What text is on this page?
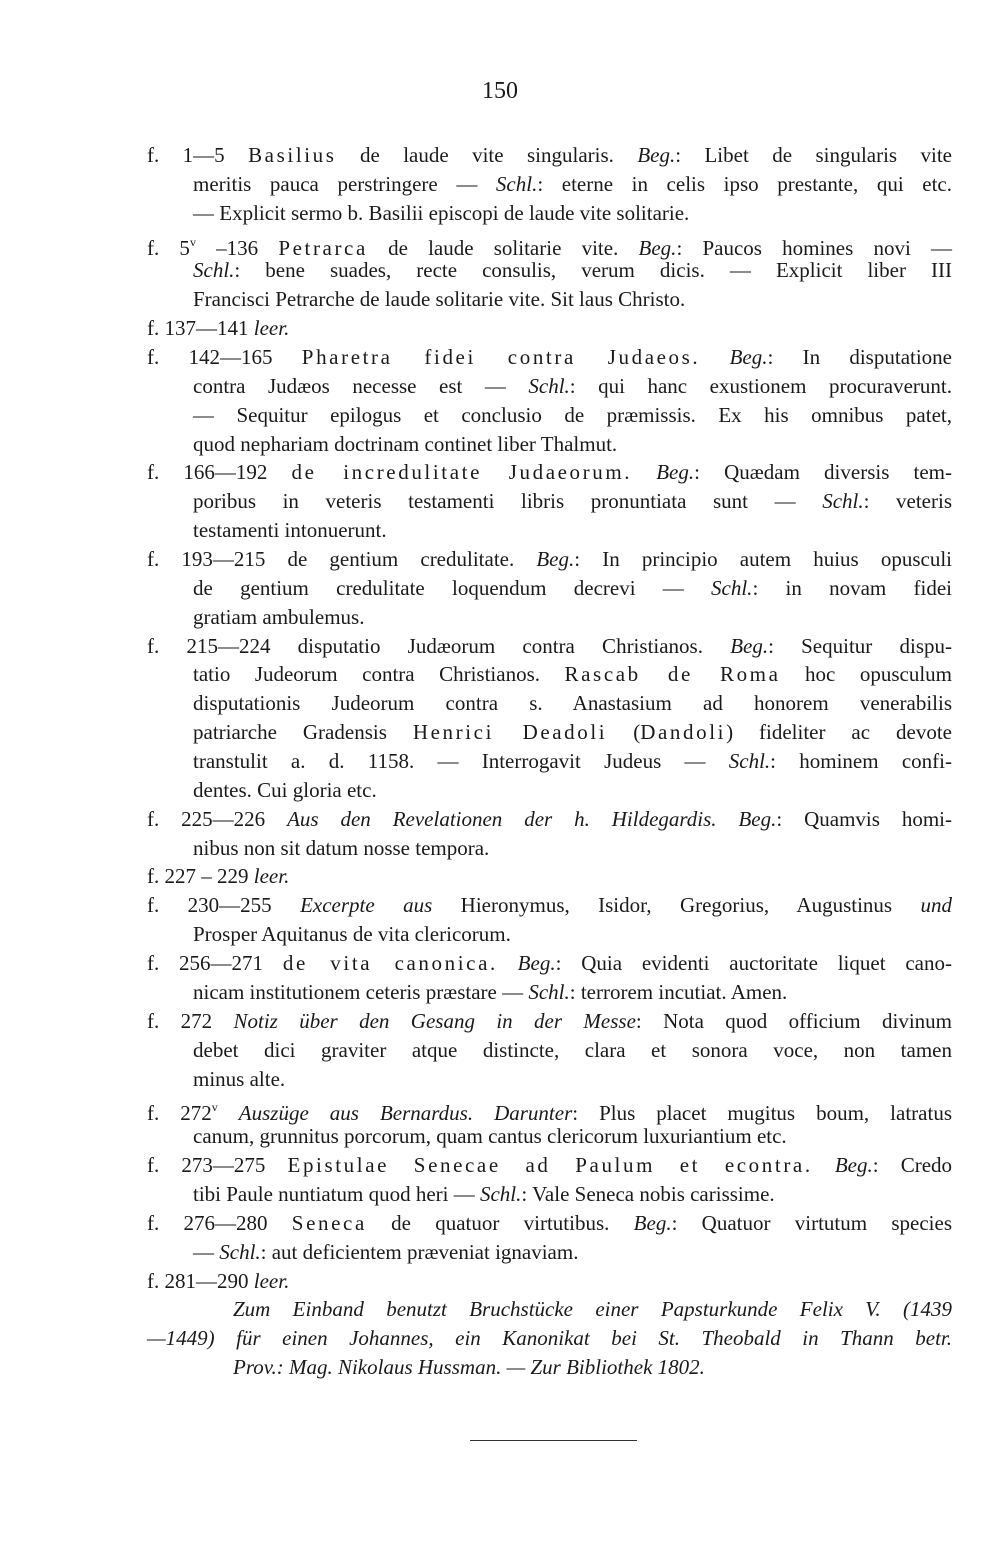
150
f. 1—5 Basilius de laude vite singularis. Beg.: Libet de singularis vite
meritis pauca perstringere — Schl.: eterne in celis ipso prestante, qui etc.
— Explicit sermo b. Basilii episcopi de laude vite solitarie.
f. 5$^v$ –136 Petrarca de laude solitarie vite. Beg.: Paucos homines novi —
Schl.: bene suades, recte consulis, verum dicis. — Explicit liber III
Francisci Petrarche de laude solitarie vite. Sit laus Christo.
f. 137—141 leer.
f. 142—165 Pharetra fidei contra Judaeos. Beg.: In disputatione
contra Judæos necesse est — Schl.: qui hanc exustionem procuraverunt.
— Sequitur epilogus et conclusio de præmissis. Ex his omnibus patet,
quod nephariam doctrinam continet liber Thalmut.
f. 166—192 de incredulitate Judaeorum. Beg.: Quædam diversis tem-
poribus in veteris testamenti libris pronuntiata sunt — Schl.: veteris
testamenti intonuerunt.
f. 193—215 de gentium credulitate. Beg.: In principio autem huius opusculi
de gentium credulitate loquendum decrevi — Schl.: in novam fidei
gratiam ambulemus.
f. 215—224 disputatio Judæorum contra Christianos. Beg.: Sequitur dispu-
tatio Judeorum contra Christianos. Rascab de Roma hoc opusculum
disputationis Judeorum contra s. Anastasium ad honorem venerabilis
patriarche Gradensis Henrici Deadoli (Dandoli) fideliter ac devote
transtulit a. d. 1158. — Interrogavit Judeus — Schl.: hominem confi-
dentes. Cui gloria etc.
f. 225—226 Aus den Revelationen der h. Hildegardis. Beg.: Quamvis homi-
nibus non sit datum nosse tempora.
f. 227 – 229 leer.
f. 230—255 Excerpte aus Hieronymus, Isidor, Gregorius, Augustinus und
Prosper Aquitanus de vita clericorum.
f. 256—271 de vita canonica. Beg.: Quia evidenti auctoritate liquet cano-
nicam institutionem ceteris præstare — Schl.: terrorem incutiat. Amen.
f. 272 Notiz über den Gesang in der Messe: Nota quod officium divinum
debet dici graviter atque distincte, clara et sonora voce, non tamen
minus alte.
f. 272$^v$ Auszüge aus Bernardus. Darunter: Plus placet mugitus boum, latratus
canum, grunnitus porcorum, quam cantus clericorum luxuriantium etc.
f. 273—275 Epistulae Senecae ad Paulum et econtra. Beg.: Credo
tibi Paule nuntiatum quod heri — Schl.: Vale Seneca nobis carissime.
f. 276—280 Seneca de quatuor virtutibus. Beg.: Quatuor virtutum species
— Schl.: aut deficientem præveniat ignaviam.
f. 281—290 leer.
Zum Einband benutzt Bruchstücke einer Papsturkunde Felix V. (1439
—1449) für einen Johannes, ein Kanonikat bei St. Theobald in Thann betr.
Prov.: Mag. Nikolaus Hussman. — Zur Bibliothek 1802.
